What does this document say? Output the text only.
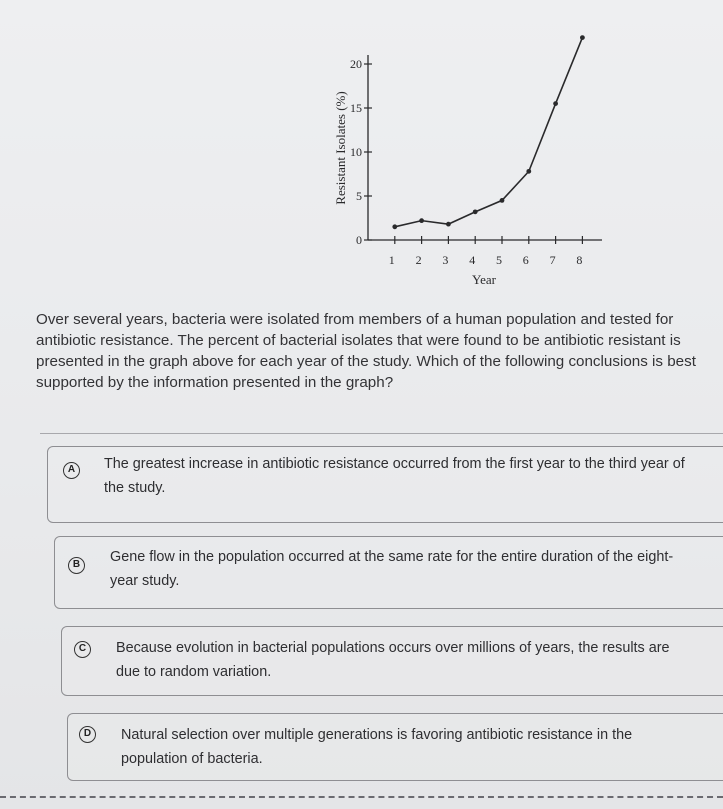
0
5
10
15
20
1 2 3 4 5 6 7 8
Resistant Isolates (%)
Year

Over several years, bacteria were isolated from members of a human population and tested for antibiotic resistance. The percent of bacterial isolates that were found to be antibiotic resistant is presented in the graph above for each year of the study. Which of the following conclusions is best supported by the information presented in the graph?

A	The greatest increase in antibiotic resistance occurred from the first year to the third year of the study.

B	Gene flow in the population occurred at the same rate for the entire duration of the eight-year study.

C	Because evolution in bacterial populations occurs over millions of years, the results are due to random variation.

D	Natural selection over multiple generations is favoring antibiotic resistance in the population of bacteria.
